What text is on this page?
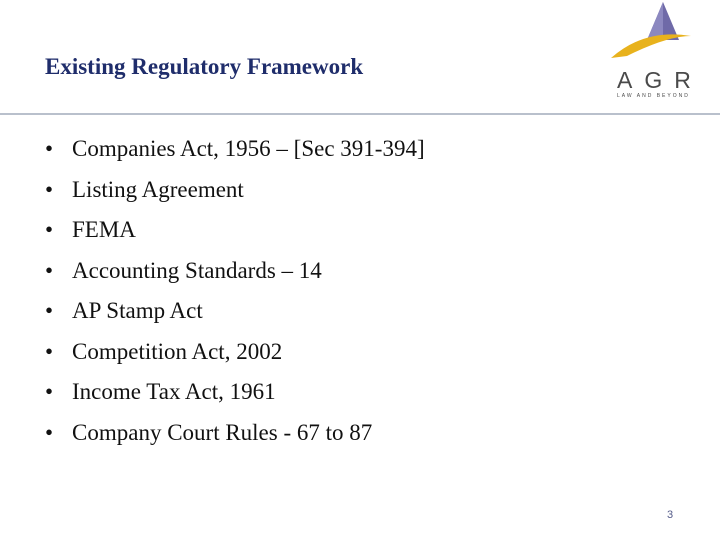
Existing Regulatory Framework
AGR
LAW AND BEYOND
• Companies Act, 1956 – [Sec 391-394]
• Listing Agreement
• FEMA
• Accounting Standards – 14
• AP Stamp Act
• Competition Act, 2002
• Income Tax Act, 1961
• Company Court Rules - 67 to 87
3
